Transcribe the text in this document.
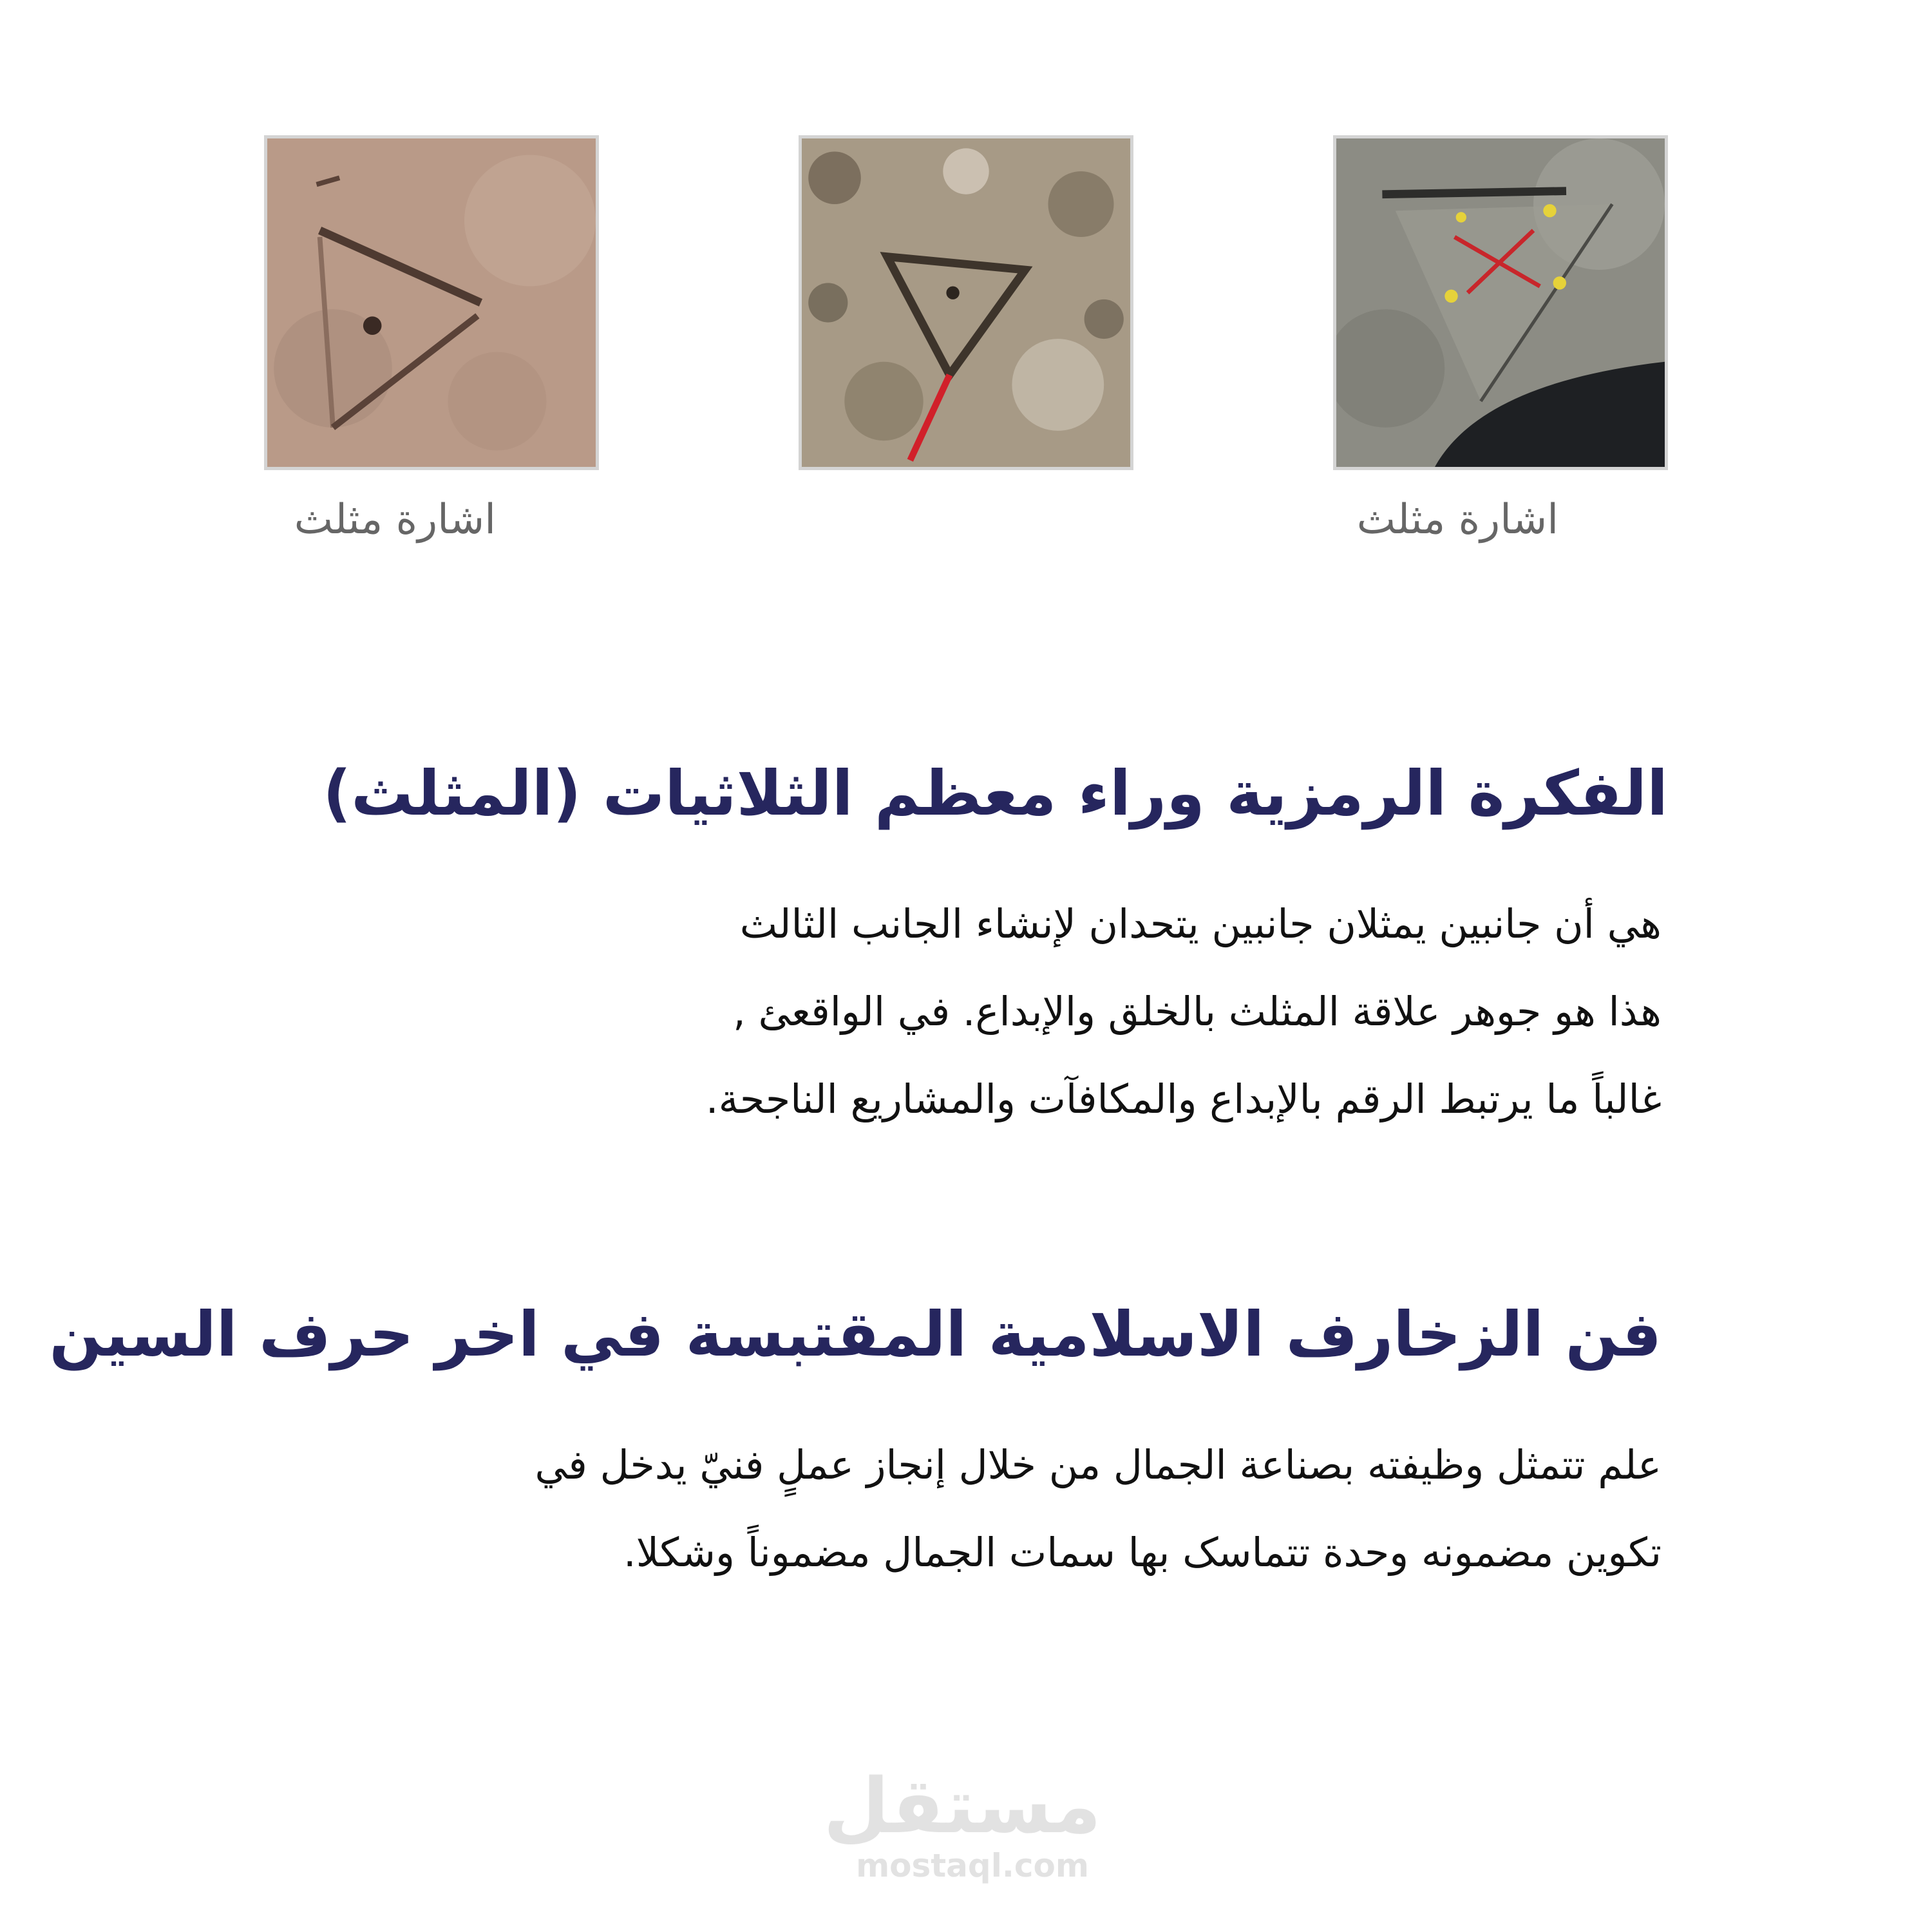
اشارة مثلث	اشارة مثلث
الفكرة الرمزية وراء معظم الثلاثيات (المثلث)
هي أن جانبين يمثلان جانبين يتحدان لإنشاء الجانب الثالث
هذا هو جوهر علاقة المثلث بالخلق والإبداع. في الواقعئ ,
غالباً ما يرتبط الرقم بالإبداع والمكافآت والمشاريع الناجحة.
فن الزخارف الاسلامية المقتبسة في اخر حرف السين
علم تتمثل وظيفته بصناعة الجمال من خلال إنجاز عملٍ فنيّ يدخل في
تكوين مضمونه وحدة تتماسک بها سمات الجمال مضموناً وشكلا.
مستقل
mostaql.com
